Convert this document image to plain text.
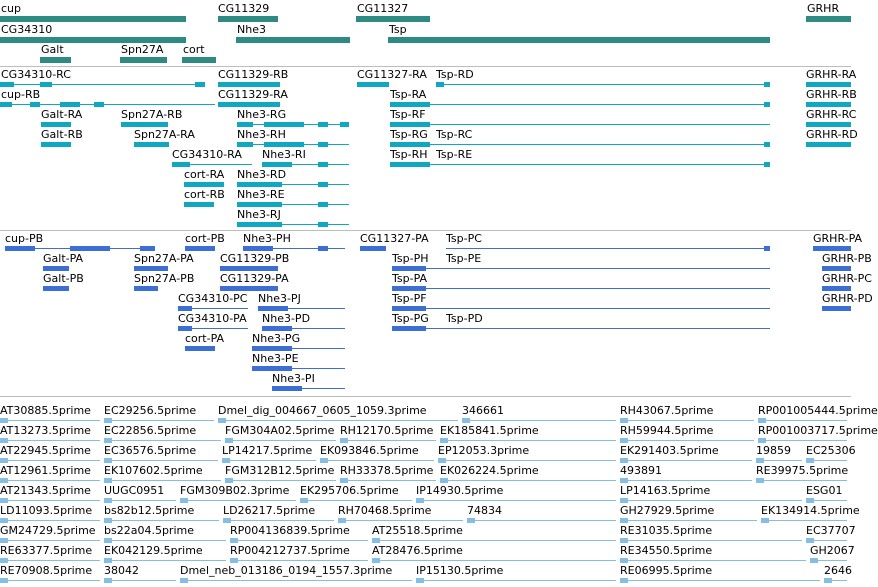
cup
CG34310
Galt	Spn27A cort
CG11329
Nhe3
CG11327
Tsp
GRHR
CG34310-RC
cup-RB
Galt-RA
Galt-RB
Spn27A-RB
Spn27A-RA
CG34310-RA
cort-RA
cort-RB
CG11329-RB
CG11329-RA
Nhe3-RG
Nhe3-RH
Nhe3-RI
Nhe3-RD
Nhe3-RE
Nhe3-RJ
CG11327-RA Tsp-RD
Tsp-RA
Tsp-RF
Tsp-RG Tsp-RC
Tsp-RH Tsp-RE
GRHR-RA
GRHR-RB
GRHR-RC
GRHR-RD
cup-PB
Galt-PA
Galt-PB
Spn27A-PA
Spn27A-PB
cort-PB
cort-PA
CG11329-PB
CG11329-PA
CG34310-PC
CG34310-PA
Nhe3-PH
Nhe3-PJ
Nhe3-PD
Nhe3-PG
Nhe3-PE
Nhe3-PI
CG11327-PA Tsp-PC
Tsp-PH Tsp-PE
Tsp-PA
Tsp-PF
Tsp-PG Tsp-PD
GRHR-PA
GRHR-PB
GRHR-PC
GRHR-PD
AT30885.5prime EC29256.5prime Dmel_dig_004667_0605_1059.3prime	346661	RH43067.5prime	RP001005444.5prime
AT13273.5prime EC22856.5prime	FGM304A02.5prime RH12170.5prime EK185841.5prime	RH59944.5prime	RP001003717.5prime
AT22945.5prime EC36576.5prime LP14217.5prime EK093846.5prime EP12053.3prime	EK291403.5prime	19859 EC25306
AT12961.5prime EK107602.5prime FGM312B12.5prime RH33378.5prime EK026224.5prime	493891	RE39975.5prime
AT21343.5prime UUGC0951 FGM309B02.3prime EK295706.5prime IP14930.5prime	LP14163.5prime	ESG01
LD11093.5prime bs82b12.5prime	LD26217.5prime RH70468.5prime	74834	GH27929.5prime	EK134914.5prime
GM24729.5prime bs22a04.5prime	RP004136839.5prime AT25518.5prime	RE31035.5prime	EC37707
RE63377.5prime EK042129.5prime RP004212737.5prime AT28476.5prime	RE34550.5prime	GH2067
RE70908.5prime 38042	Dmel_neb_013186_0194_1557.3prime IP15130.5prime	RE06995.5prime	2646
